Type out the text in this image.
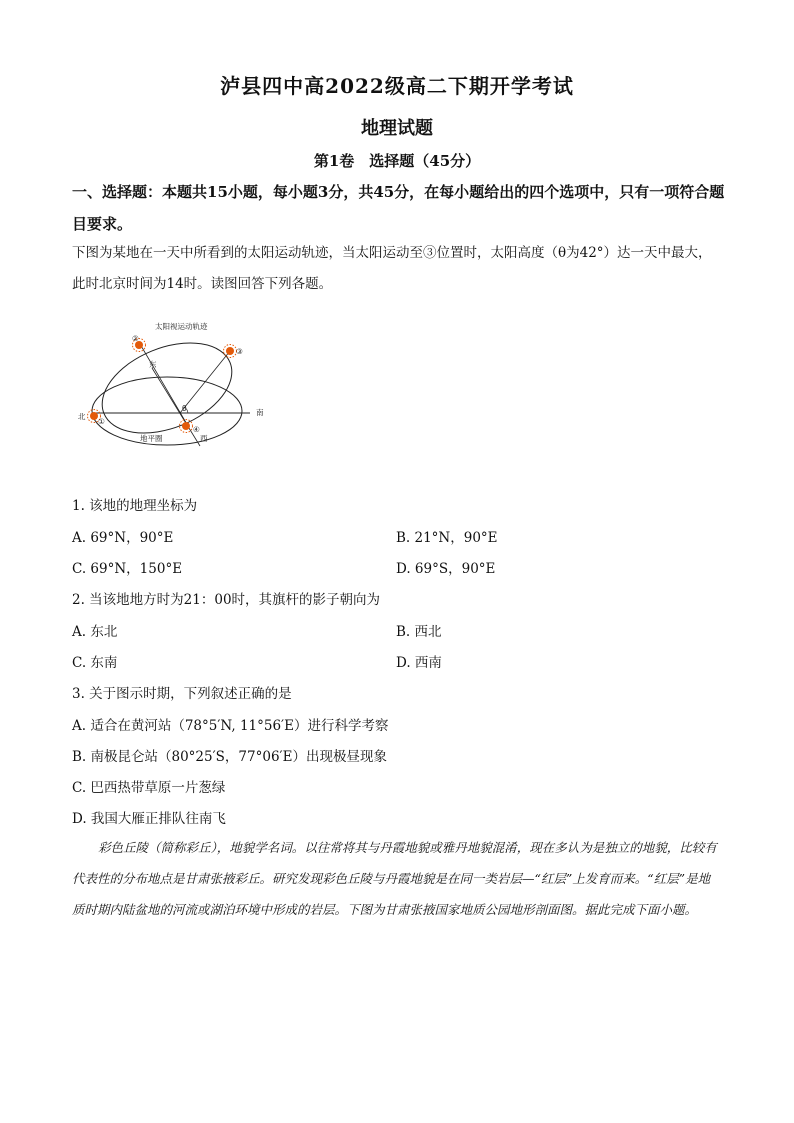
泸县四中高2022级高二下期开学考试
地理试题
第1卷　选择题（45分）
一、选择题：本题共15小题，每小题3分，共45分，在每小题给出的四个选项中，只有一项符合题目要求。
下图为某地在一天中所看到的太阳运动轨迹，当太阳运动至③位置时，太阳高度（θ为42°）达一天中最大，此时北京时间为14时。读图回答下列各题。
太阳视运动轨迹
②
③
①
④
东
南
北
θ
地平圈	西
1. 该地的地理坐标为
A. 69°N，90°E	B. 21°N，90°E
C. 69°N，150°E	D. 69°S，90°E
2. 当该地地方时为21：00时，其旗杆的影子朝向为
A. 东北	B. 西北
C. 东南	D. 西南
3. 关于图示时期，下列叙述正确的是
A. 适合在黄河站（78°5′N, 11°56′E）进行科学考察
B. 南极昆仑站（80°25′S，77°06′E）出现极昼现象
C. 巴西热带草原一片葱绿
D. 我国大雁正排队往南飞
彩色丘陵（简称彩丘），地貌学名词。以往常将其与丹霞地貌或雅丹地貌混淆，现在多认为是独立的地貌，比较有代表性的分布地点是甘肃张掖彩丘。研究发现彩色丘陵与丹霞地貌是在同一类岩层—“红层”上发育而来。“红层”是地质时期内陆盆地的河流或湖泊环境中形成的岩层。下图为甘肃张掖国家地质公园地形剖面图。据此完成下面小题。
